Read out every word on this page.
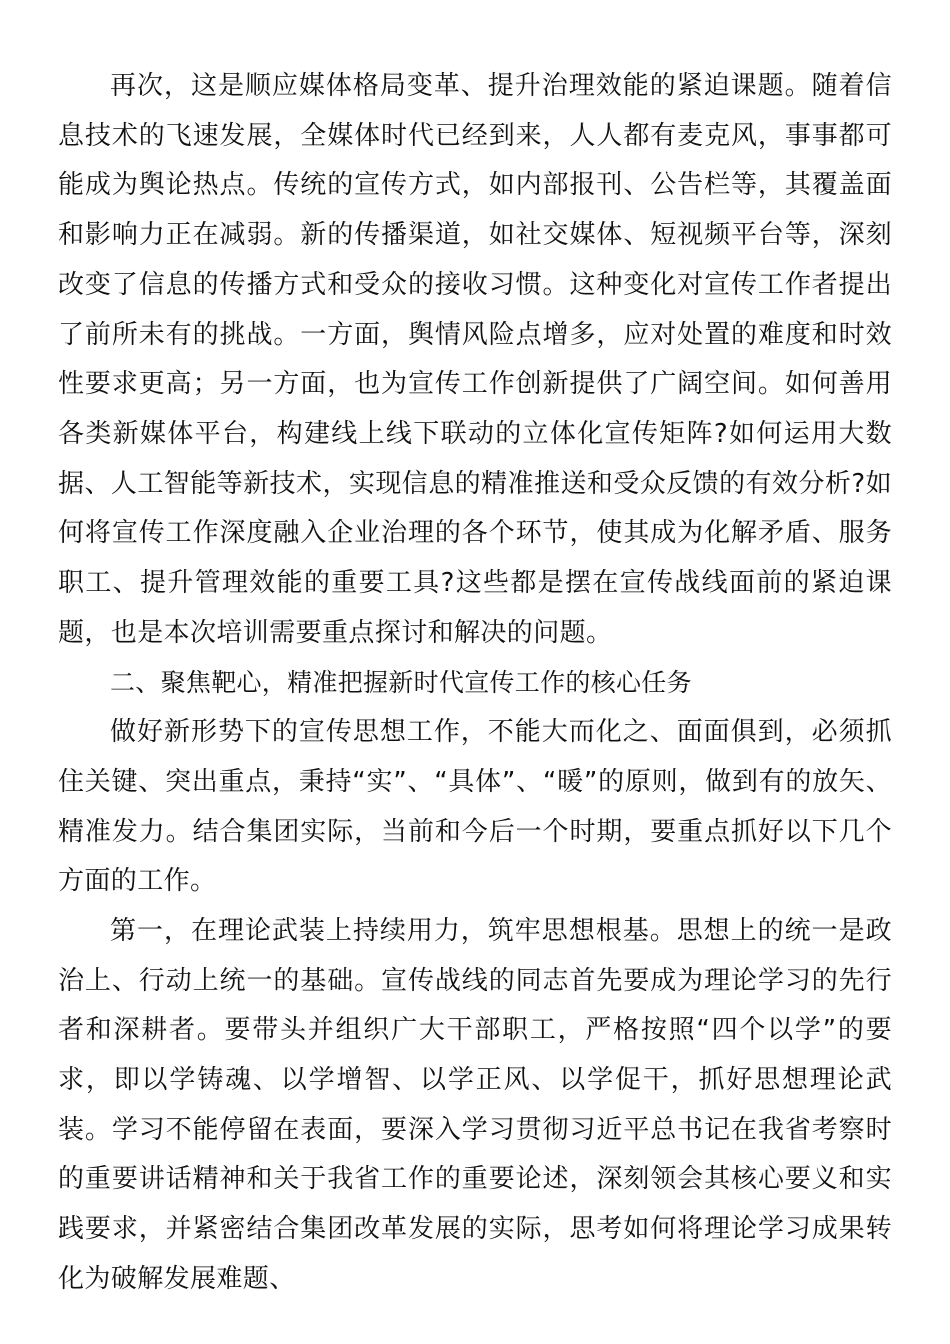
再次，这是顺应媒体格局变革、提升治理效能的紧迫课题。随着信息技术的飞速发展，全媒体时代已经到来，人人都有麦克风，事事都可能成为舆论热点。传统的宣传方式，如内部报刊、公告栏等，其覆盖面和影响力正在减弱。新的传播渠道，如社交媒体、短视频平台等，深刻改变了信息的传播方式和受众的接收习惯。这种变化对宣传工作者提出了前所未有的挑战。一方面，舆情风险点增多，应对处置的难度和时效性要求更高；另一方面，也为宣传工作创新提供了广阔空间。如何善用各类新媒体平台，构建线上线下联动的立体化宣传矩阵?如何运用大数据、人工智能等新技术，实现信息的精准推送和受众反馈的有效分析?如何将宣传工作深度融入企业治理的各个环节，使其成为化解矛盾、服务职工、提升管理效能的重要工具?这些都是摆在宣传战线面前的紧迫课题，也是本次培训需要重点探讨和解决的问题。

二、聚焦靶心，精准把握新时代宣传工作的核心任务

做好新形势下的宣传思想工作，不能大而化之、面面俱到，必须抓住关键、突出重点，秉持“实”、“具体”、“暖”的原则，做到有的放矢、精准发力。结合集团实际，当前和今后一个时期，要重点抓好以下几个方面的工作。

第一，在理论武装上持续用力，筑牢思想根基。思想上的统一是政治上、行动上统一的基础。宣传战线的同志首先要成为理论学习的先行者和深耕者。要带头并组织广大干部职工，严格按照“四个以学”的要求，即以学铸魂、以学增智、以学正风、以学促干，抓好思想理论武装。学习不能停留在表面，要深入学习贯彻习近平总书记在我省考察时的重要讲话精神和关于我省工作的重要论述，深刻领会其核心要义和实践要求，并紧密结合集团改革发展的实际，思考如何将理论学习成果转化为破解发展难题、
